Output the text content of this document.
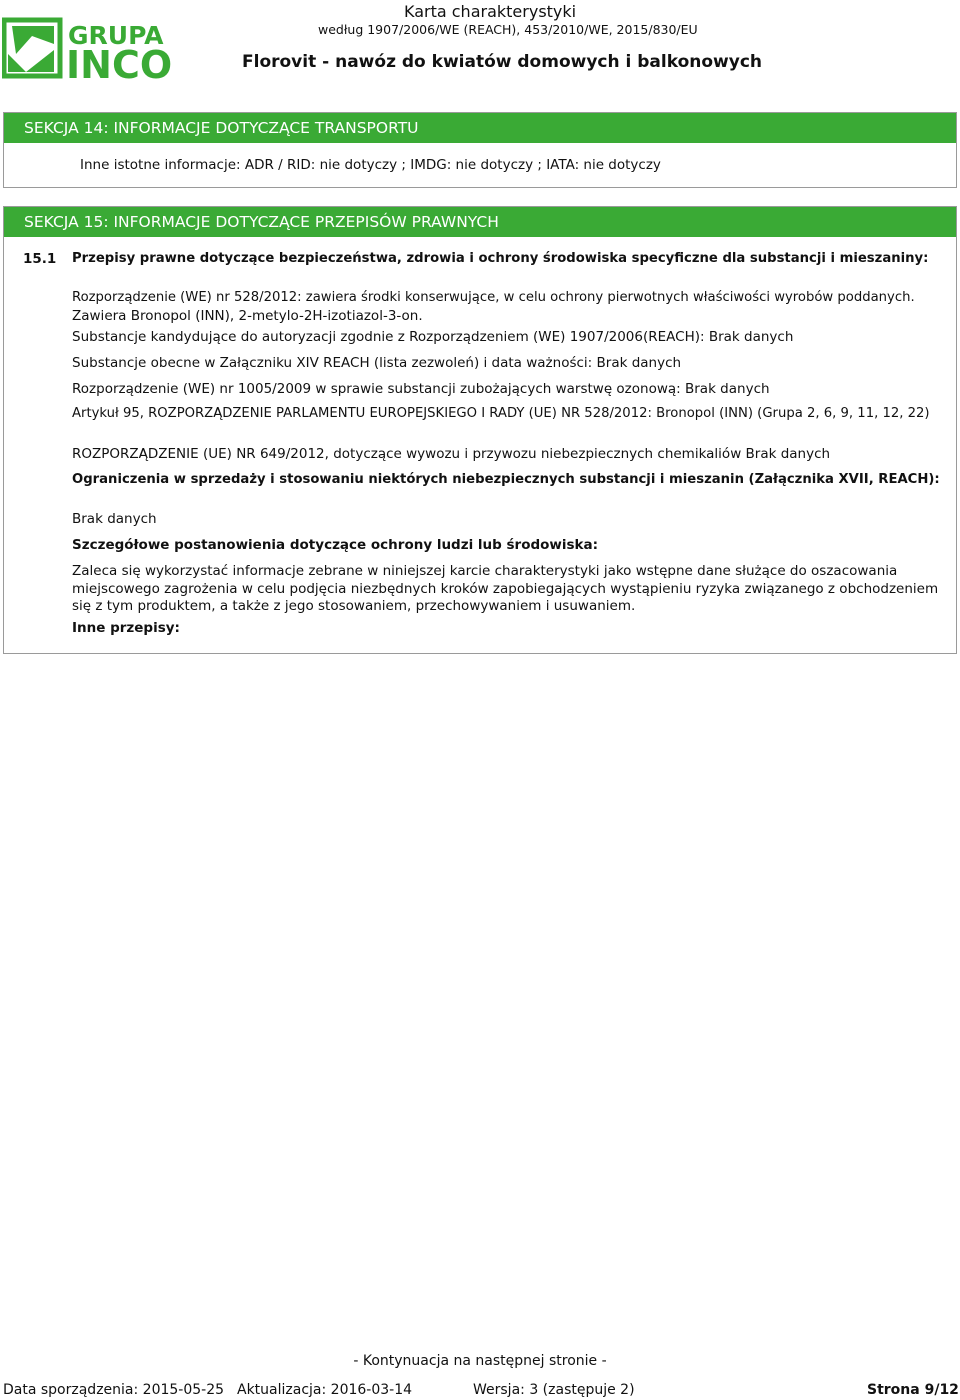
GRUPA
INCO
Karta charakterystyki
według 1907/2006/WE (REACH), 453/2010/WE, 2015/830/EU
Florovit - nawóz do kwiatów domowych i balkonowych
SEKCJA 14: INFORMACJE DOTYCZĄCE TRANSPORTU
Inne istotne informacje: ADR / RID: nie dotyczy ; IMDG: nie dotyczy ; IATA: nie dotyczy
SEKCJA 15: INFORMACJE DOTYCZĄCE PRZEPISÓW PRAWNYCH
15.1 Przepisy prawne dotyczące bezpieczeństwa, zdrowia i ochrony środowiska specyficzne dla substancji i mieszaniny:
Rozporządzenie (WE) nr 528/2012: zawiera środki konserwujące, w celu ochrony pierwotnych właściwości wyrobów poddanych.
Zawiera Bronopol (INN), 2-metylo-2H-izotiazol-3-on.
Substancje kandydujące do autoryzacji zgodnie z Rozporządzeniem (WE) 1907/2006(REACH): Brak danych
Substancje obecne w Załączniku XIV REACH (lista zezwoleń) i data ważności: Brak danych
Rozporządzenie (WE) nr 1005/2009 w sprawie substancji zubożających warstwę ozonową: Brak danych
Artykuł 95, ROZPORZĄDZENIE PARLAMENTU EUROPEJSKIEGO I RADY (UE) NR 528/2012: Bronopol (INN) (Grupa 2, 6, 9, 11, 12, 22)
ROZPORZĄDZENIE (UE) NR 649/2012, dotyczące wywozu i przywozu niebezpiecznych chemikaliów Brak danych
Ograniczenia w sprzedaży i stosowaniu niektórych niebezpiecznych substancji i mieszanin (Załącznika XVII, REACH):
Brak danych
Szczegółowe postanowienia dotyczące ochrony ludzi lub środowiska:
Zaleca się wykorzystać informacje zebrane w niniejszej karcie charakterystyki jako wstępne dane służące do oszacowania miejscowego zagrożenia w celu podjęcia niezbędnych kroków zapobiegających wystąpieniu ryzyka związanego z obchodzeniem się z tym produktem, a także z jego stosowaniem, przechowywaniem i usuwaniem.
Inne przepisy:
- Kontynuacja na następnej stronie -
Data sporządzenia: 2015-05-25 Aktualizacja: 2016-03-14	Wersja: 3 (zastępuje 2)	Strona 9/12
